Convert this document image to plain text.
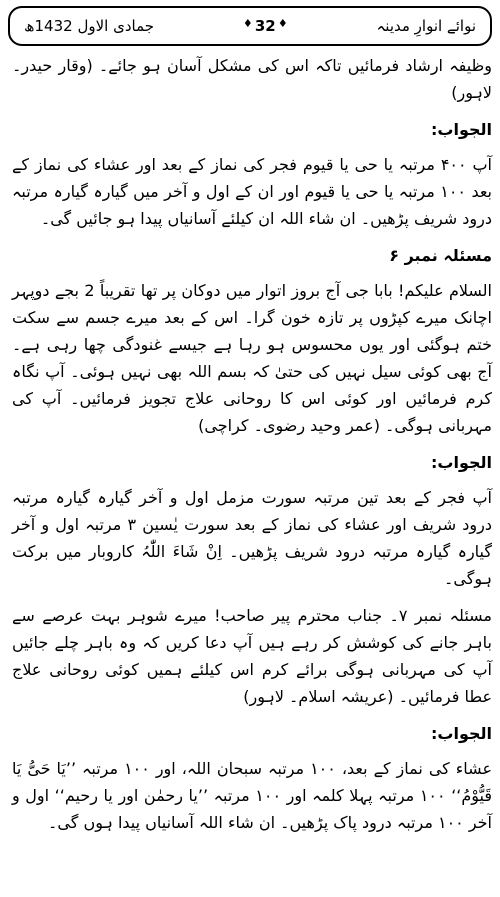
نوائے انوارِ مدینہ
♦ 32 ♦
جمادی الاول 1432ھ

وظیفہ ارشاد فرمائیں تاکہ اس کی مشکل آسان ہو جائے۔ (وقار حیدر۔ لاہور)

الجواب:

آپ ۴۰۰ مرتبہ یا حی یا قیوم فجر کی نماز کے بعد اور عشاء کی نماز کے بعد ۱۰۰ مرتبہ یا حی یا قیوم اور ان کے اول و آخر میں گیارہ گیارہ مرتبہ درود شریف پڑھیں۔ ان شاء اللہ ان کیلئے آسانیاں پیدا ہو جائیں گی۔

مسئلہ نمبر ۶

السلام علیکم! بابا جی آج بروز اتوار میں دوکان پر تھا تقریباً 2 بجے دوپہر اچانک میرے کپڑوں پر تازہ خون گرا۔ اس کے بعد میرے جسم سے سکت ختم ہوگئی اور یوں محسوس ہو رہا ہے جیسے غنودگی چھا رہی ہے۔ آج بھی کوئی سیل نہیں کی حتیٰ کہ بسم اللہ بھی نہیں ہوئی۔ آپ نگاہ کرم فرمائیں اور کوئی اس کا روحانی علاج تجویز فرمائیں۔ آپ کی مہربانی ہوگی۔ (عمر وحید رضوی۔ کراچی)

الجواب:

آپ فجر کے بعد تین مرتبہ سورت مزمل اول و آخر گیارہ گیارہ مرتبہ درود شریف اور عشاء کی نماز کے بعد سورت یٰسین ۳ مرتبہ اول و آخر گیارہ گیارہ مرتبہ درود شریف پڑھیں۔ اِنْ شَاءَ اللّٰہُ کاروبار میں برکت ہوگی۔

مسئلہ نمبر ۷۔ جناب محترم پیر صاحب! میرے شوہر بہت عرصے سے باہر جانے کی کوشش کر رہے ہیں آپ دعا کریں کہ وہ باہر چلے جائیں آپ کی مہربانی ہوگی برائے کرم اس کیلئے ہمیں کوئی روحانی علاج عطا فرمائیں۔ (عریشہ اسلام۔ لاہور)

الجواب:

عشاء کی نماز کے بعد، ۱۰۰ مرتبہ سبحان اللہ، اور ۱۰۰ مرتبہ ’’یَا حَیُّ یَا قَیُّوْمُ‘‘ ۱۰۰ مرتبہ پہلا کلمہ اور ۱۰۰ مرتبہ ’’یا رحمٰن اور یا رحیم‘‘ اول و آخر ۱۰۰ مرتبہ درود پاک پڑھیں۔ ان شاء اللہ آسانیاں پیدا ہوں گی۔
